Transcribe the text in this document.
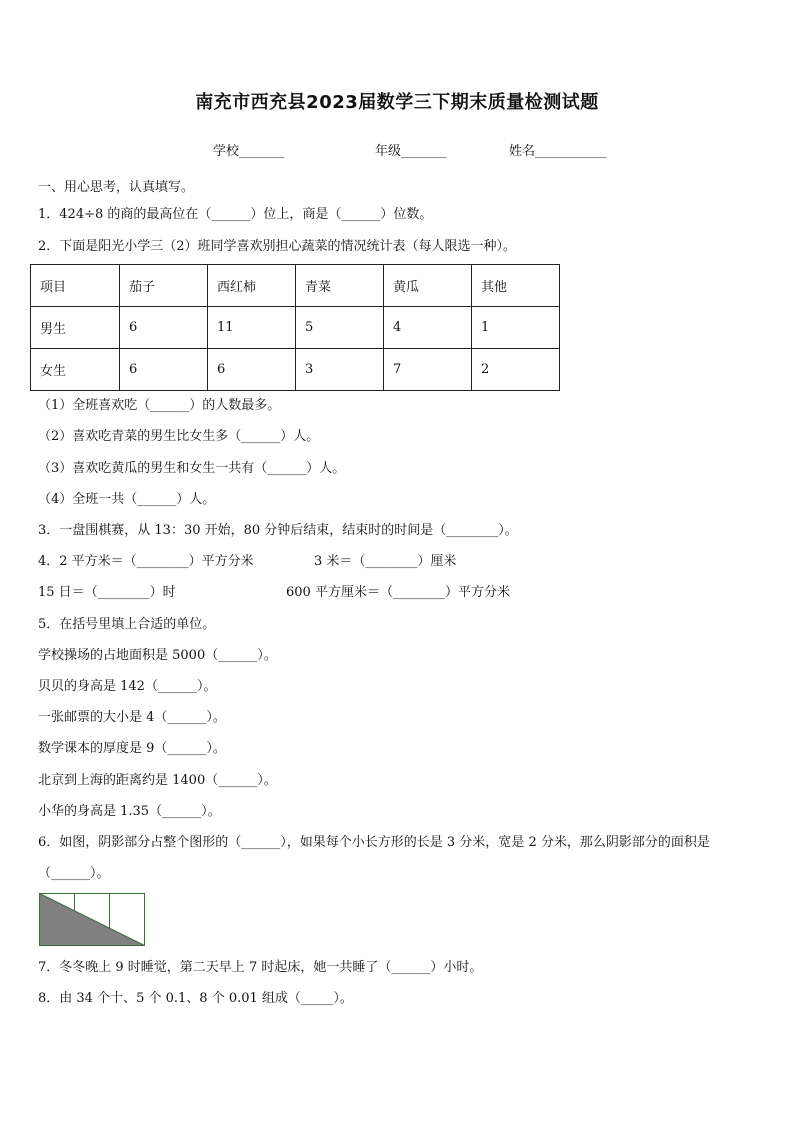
南充市西充县2023届数学三下期末质量检测试题
学校_______	年级_______	姓名___________
一、用心思考，认真填写。
1．424÷8 的商的最高位在（______）位上，商是（______）位数。
2．下面是阳光小学三（2）班同学喜欢别担心蔬菜的情况统计表（每人限选一种）。
项目	茄子	西红柿	青菜	黄瓜	其他
男生	6	11	5	4	1
女生	6	6	3	7	2
（1）全班喜欢吃（______）的人数最多。
（2）喜欢吃青菜的男生比女生多（______）人。
（3）喜欢吃黄瓜的男生和女生一共有（______）人。
（4）全班一共（______）人。
3．一盘围棋赛，从 13：30 开始，80 分钟后结束，结束时的时间是（________）。
4．2 平方米＝（________）平方分米	3 米＝（________）厘米
15 日＝（________）时	600 平方厘米＝（________）平方分米
5．在括号里填上合适的单位。
学校操场的占地面积是 5000（______）。
贝贝的身高是 142（______）。
一张邮票的大小是 4（______）。
数学课本的厚度是 9（______）。
北京到上海的距离约是 1400（______）。
小华的身高是 1.35（______）。
6．如图，阴影部分占整个图形的（______），如果每个小长方形的长是 3 分米，宽是 2 分米，那么阴影部分的面积是
（______）。
7．冬冬晚上 9 时睡觉，第二天早上 7 时起床，她一共睡了（______）小时。
8．由 34 个十、5 个 0.1、8 个 0.01 组成（_____）。
